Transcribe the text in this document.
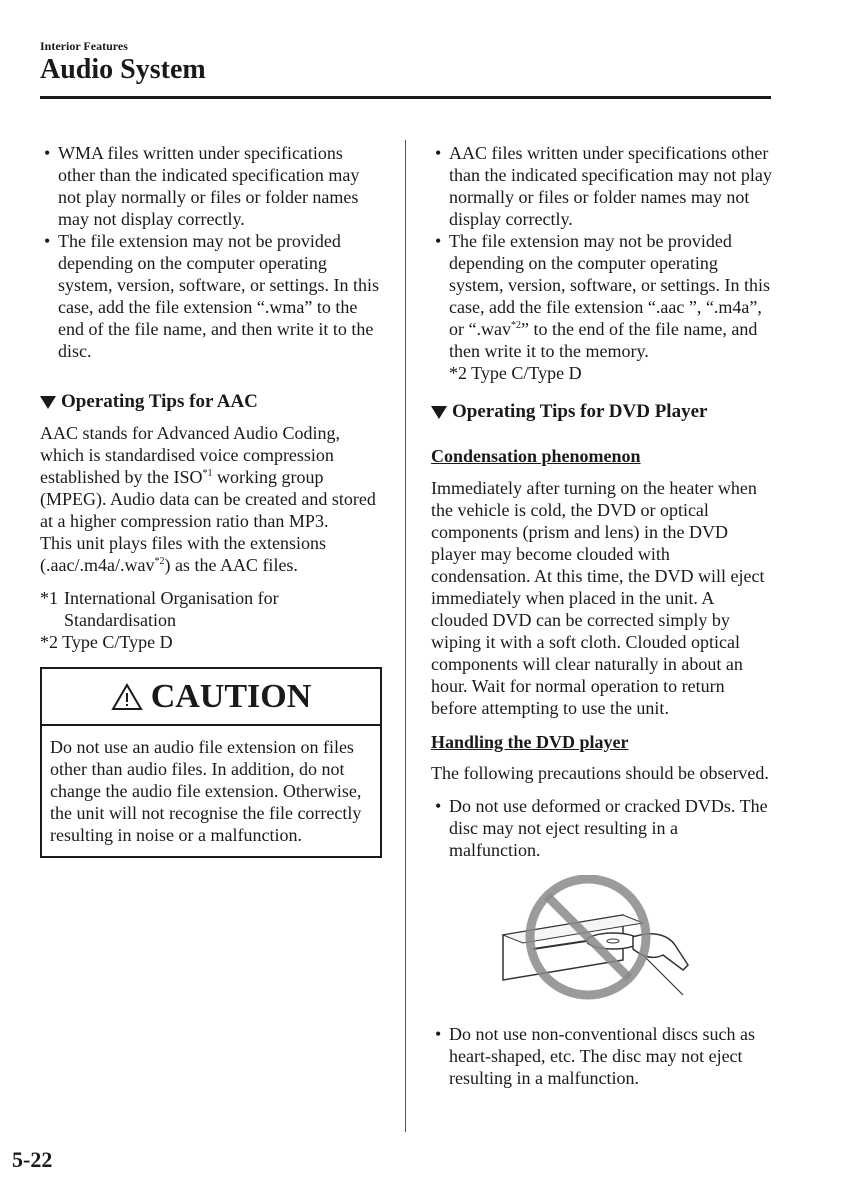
Interior Features
Audio System
• WMA files written under specifications other than the indicated specification may not play normally or files or folder names may not display correctly.
• The file extension may not be provided depending on the computer operating system, version, software, or settings. In this case, add the file extension “.wma” to the end of the file name, and then write it to the disc.
Operating Tips for AAC
AAC stands for Advanced Audio Coding, which is standardised voice compression established by the ISO$^{*1}$ working group (MPEG). Audio data can be created and stored at a higher compression ratio than MP3.
This unit plays files with the extensions (.aac/.m4a/.wav$^{*2}$) as the AAC files.
*1 International Organisation for Standardisation
*2 Type C/Type D
CAUTION
Do not use an audio file extension on files other than audio files. In addition, do not change the audio file extension. Otherwise, the unit will not recognise the file correctly resulting in noise or a malfunction.
• AAC files written under specifications other than the indicated specification may not play normally or files or folder names may not display correctly.
• The file extension may not be provided depending on the computer operating system, version, software, or settings. In this case, add the file extension “.aac ”, “.m4a”, or “.wav$^{*2}$” to the end of the file name, and then write it to the memory.
*2 Type C/Type D
Operating Tips for DVD Player
Condensation phenomenon
Immediately after turning on the heater when the vehicle is cold, the DVD or optical components (prism and lens) in the DVD player may become clouded with condensation. At this time, the DVD will eject immediately when placed in the unit. A clouded DVD can be corrected simply by wiping it with a soft cloth. Clouded optical components will clear naturally in about an hour. Wait for normal operation to return before attempting to use the unit.
Handling the DVD player
The following precautions should be observed.
• Do not use deformed or cracked DVDs. The disc may not eject resulting in a malfunction.
• Do not use non-conventional discs such as heart-shaped, etc. The disc may not eject resulting in a malfunction.
5-22
